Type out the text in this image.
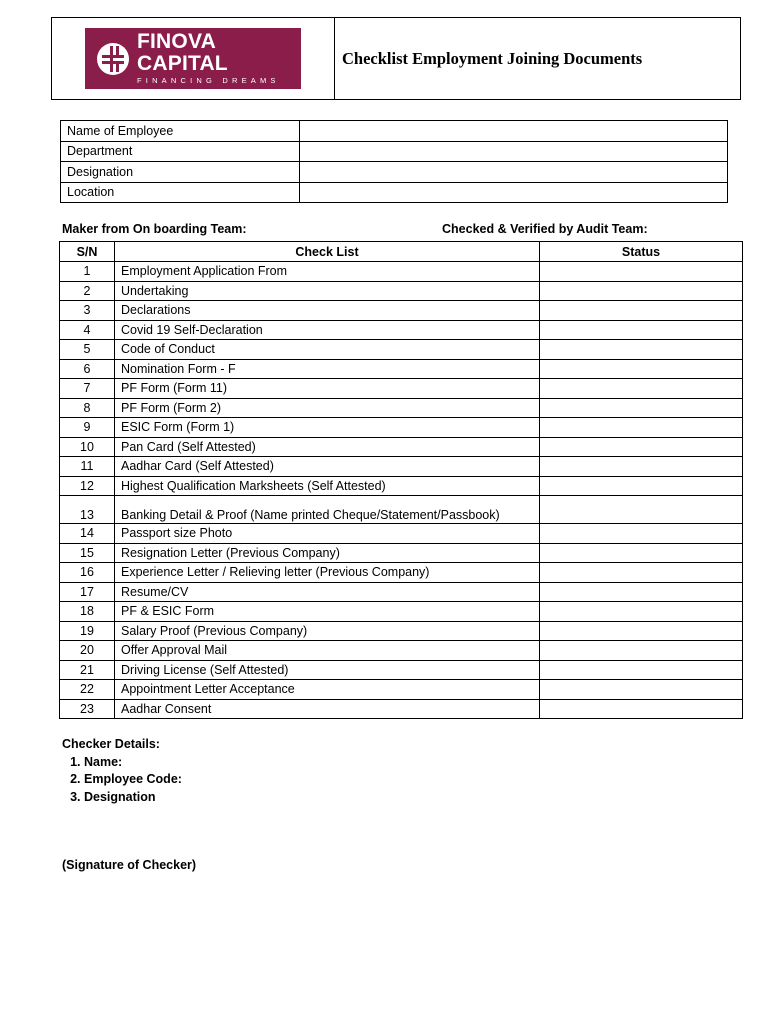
FINOVA CAPITAL
FINANCING DREAMS
Checklist Employment Joining Documents
Name of Employee	
Department	
Designation	
Location	
Maker from On boarding Team:	Checked & Verified by Audit Team:
S/N	Check List	Status
1	Employment Application From	
2	Undertaking	
3	Declarations	
4	Covid 19 Self-Declaration	
5	Code of Conduct	
6	Nomination Form - F	
7	PF Form (Form 11)	
8	PF Form (Form 2)	
9	ESIC Form (Form 1)	
10	Pan Card (Self Attested)	
11	Aadhar Card (Self Attested)	
12	Highest Qualification Marksheets (Self Attested)	
13	Banking Detail & Proof (Name printed Cheque/Statement/Passbook)	
14	Passport size Photo	
15	Resignation Letter (Previous Company)	
16	Experience Letter / Relieving letter (Previous Company)	
17	Resume/CV	
18	PF & ESIC Form	
19	Salary Proof (Previous Company)	
20	Offer Approval Mail	
21	Driving License (Self Attested)	
22	Appointment Letter Acceptance	
23	Aadhar Consent	
Checker Details:
1. Name:
2. Employee Code:
3. Designation
(Signature of Checker)
